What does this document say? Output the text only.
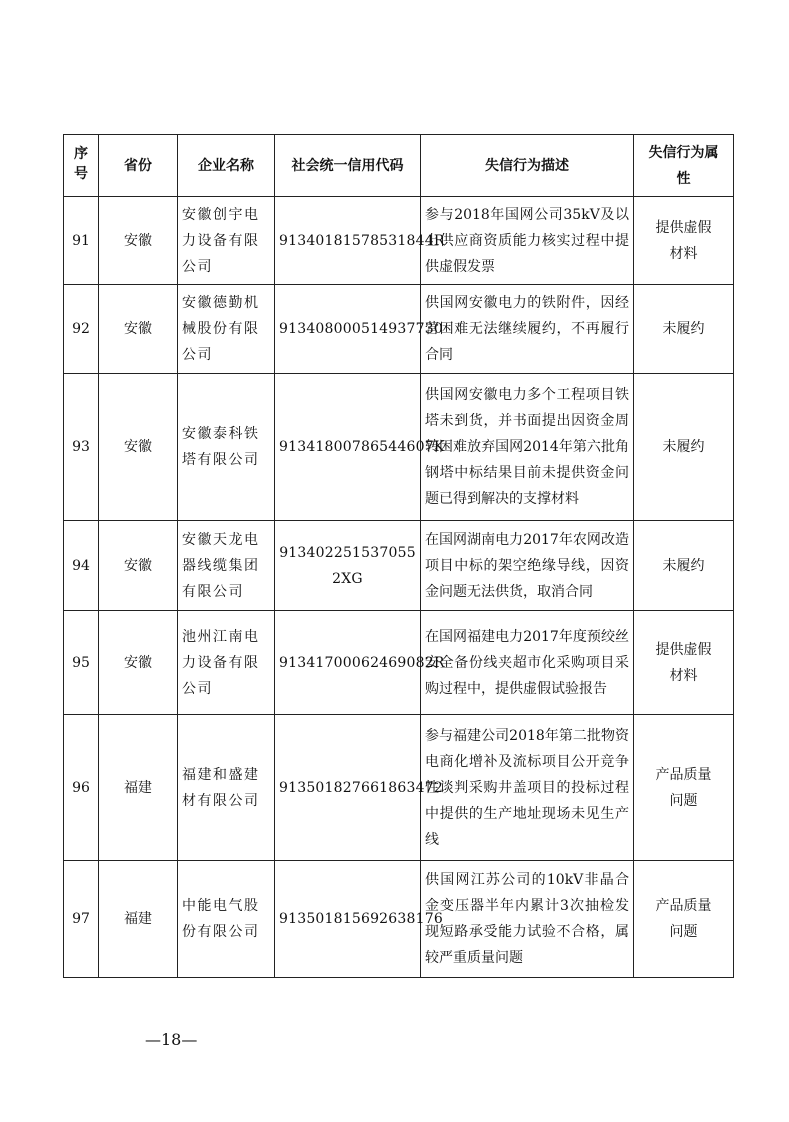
序号	省份	企业名称	社会统一信用代码	失信行为描述	失信行为属性
91	安徽	安徽创宇电力设备有限公司	91340181578531844R	参与2018年国网公司35kV及以上供应商资质能力核实过程中提供虚假发票	提供虚假材料
92	安徽	安徽德勤机械股份有限公司	913408000514937730	供国网安徽电力的铁附件，因经营困难无法继续履约，不再履行合同	未履约
93	安徽	安徽泰科铁塔有限公司	91341800786544607K	供国网安徽电力多个工程项目铁塔未到货，并书面提出因资金周转困难放弃国网2014年第六批角钢塔中标结果目前未提供资金问题已得到解决的支撑材料	未履约
94	安徽	安徽天龙电器线缆集团有限公司	913402251537055​2XG	在国网湖南电力2017年农网改造项目中标的架空绝缘导线，因资金问题无法供货，取消合同	未履约
95	安徽	池州江南电力设备有限公司	91341700062469082R	在国网福建电力2017年度预绞丝安全备份线夹超市化采购项目采购过程中，提供虚假试验报告	提供虚假材料
96	福建	福建和盛建材有限公司	913501827661863472	参与福建公司2018年第二批物资电商化增补及流标项目公开竞争性谈判采购井盖项目的投标过程中提供的生产地址现场未见生产线	产品质量问题
97	福建	中能电气股份有限公司	913501815692638176	供国网江苏公司的10kV非晶合金变压器半年内累计3次抽检发现短路承受能力试验不合格，属较严重质量问题	产品质量问题
—18—
